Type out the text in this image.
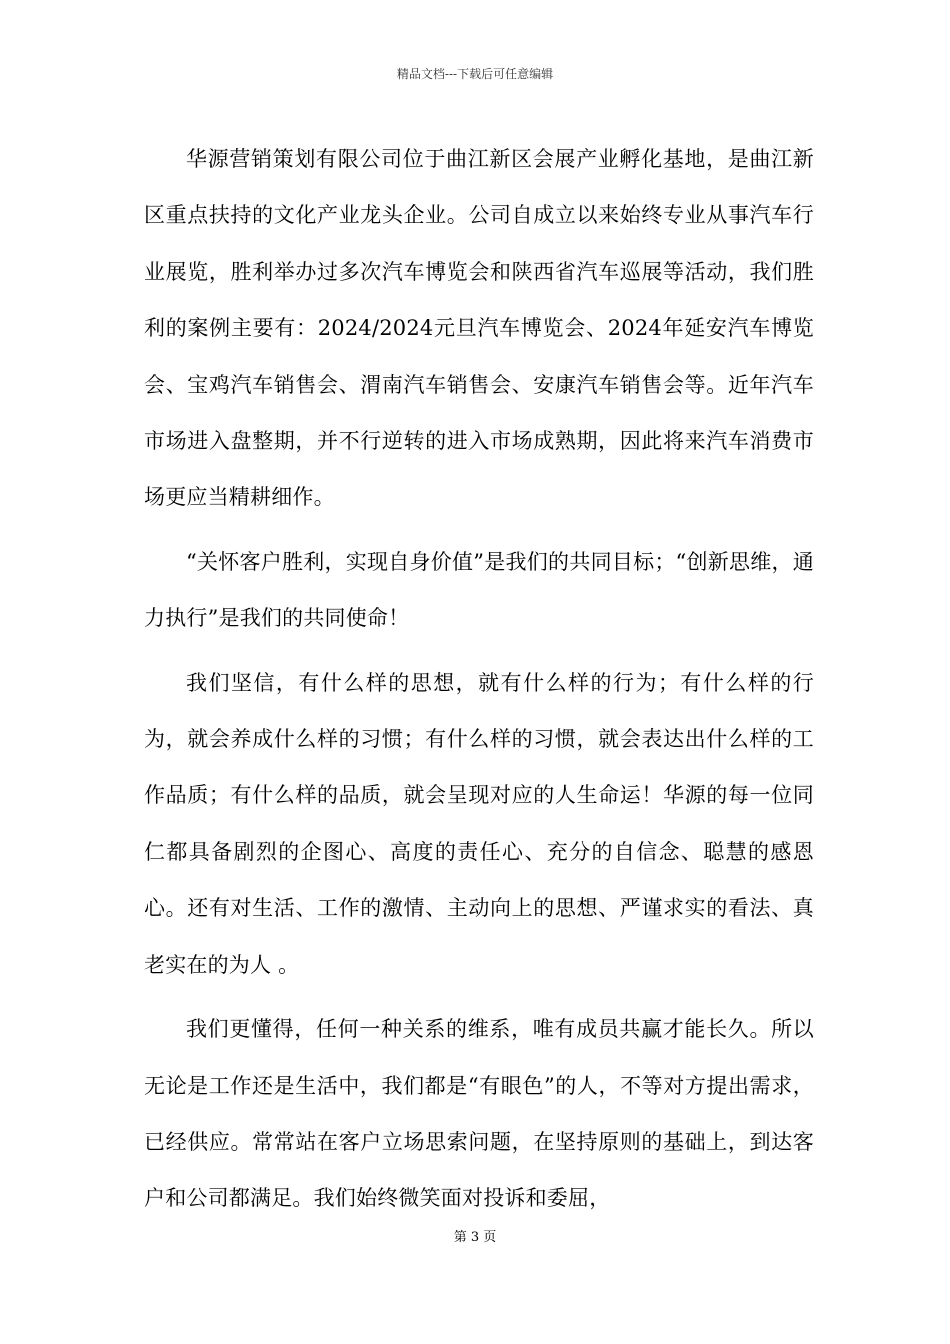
精品文档---下载后可任意编辑

华源营销策划有限公司位于曲江新区会展产业孵化基地，是曲江新区重点扶持的文化产业龙头企业。公司自成立以来始终专业从事汽车行业展览，胜利举办过多次汽车博览会和陕西省汽车巡展等活动，我们胜利的案例主要有：2024/2024元旦汽车博览会、2024年延安汽车博览会、宝鸡汽车销售会、渭南汽车销售会、安康汽车销售会等。近年汽车市场进入盘整期，并不行逆转的进入市场成熟期，因此将来汽车消费市场更应当精耕细作。

“关怀客户胜利，实现自身价值”是我们的共同目标；“创新思维，通力执行”是我们的共同使命！

我们坚信，有什么样的思想，就有什么样的行为；有什么样的行为，就会养成什么样的习惯；有什么样的习惯，就会表达出什么样的工作品质；有什么样的品质，就会呈现对应的人生命运！华源的每一位同仁都具备剧烈的企图心、高度的责任心、充分的自信念、聪慧的感恩心。还有对生活、工作的激情、主动向上的思想、严谨求实的看法、真老实在的为人 。

我们更懂得，任何一种关系的维系，唯有成员共赢才能长久。所以无论是工作还是生活中，我们都是“有眼色”的人，不等对方提出需求，已经供应。常常站在客户立场思索问题，在坚持原则的基础上，到达客户和公司都满足。我们始终微笑面对投诉和委屈，

第 3 页
